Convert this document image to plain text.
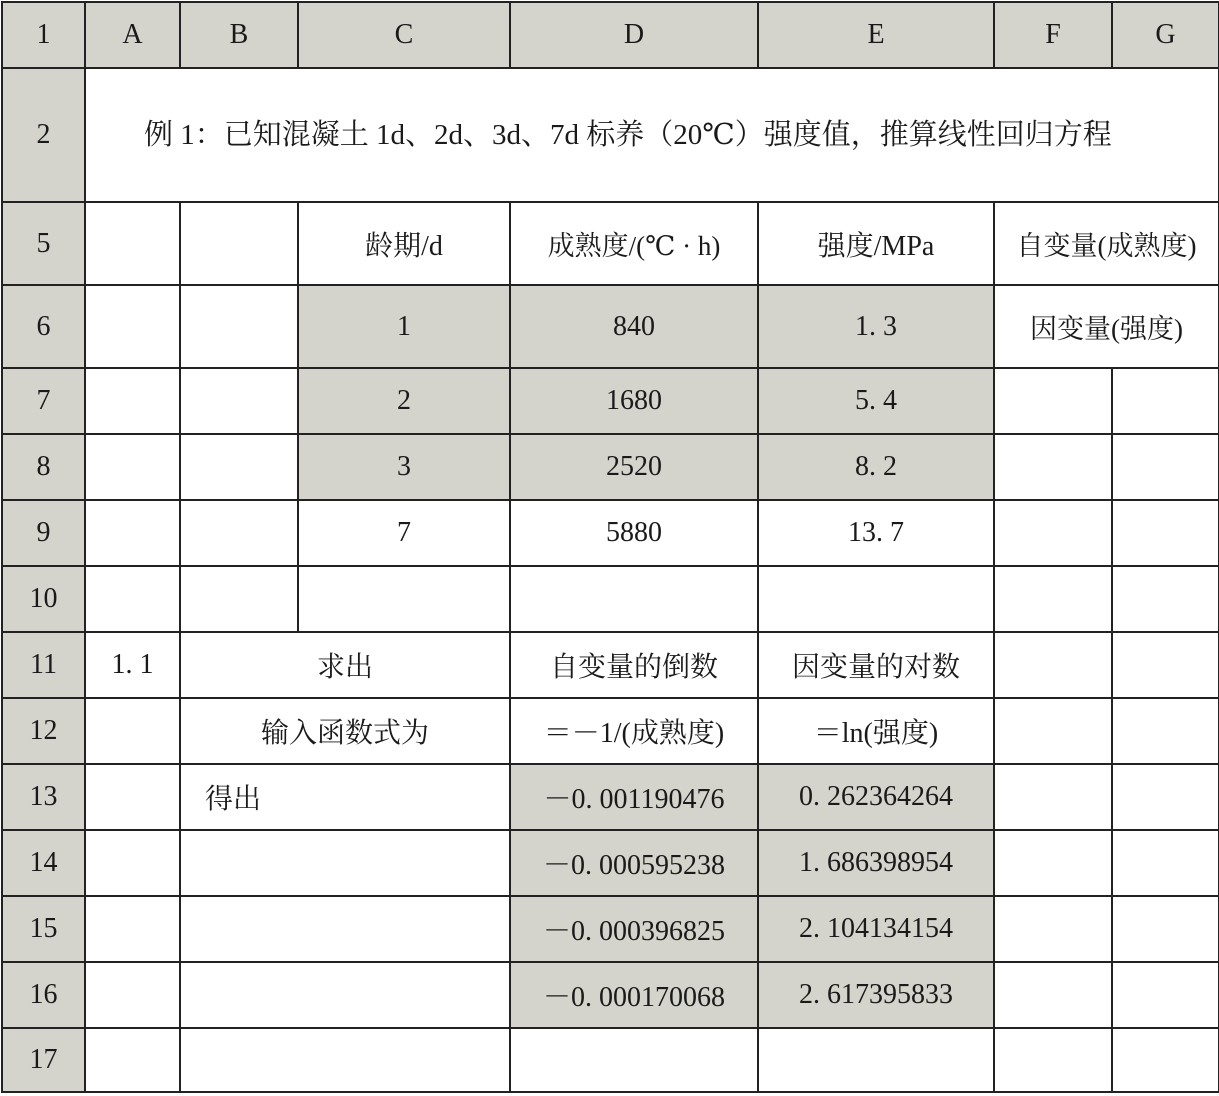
1	A	B	C	D	E	F	G
2	例 1：已知混凝土 1d、2d、3d、7d 标养（20℃）强度值，推算线性回归方程						
5			龄期/d	成熟度/(℃ · h)	强度/MPa	自变量(成熟度)	
6			1	840	1. 3	因变量(强度)	
7			2	1680	5. 4		
8			3	2520	8. 2		
9			7	5880	13. 7		
10							
11	1. 1	求出		自变量的倒数	因变量的对数		
12		输入函数式为		＝－1/(成熟度)	＝ln(强度)		
13		得出		－0. 001190476	0. 262364264		
14				－0. 000595238	1. 686398954		
15				－0. 000396825	2. 104134154		
16				－0. 000170068	2. 617395833		
17							
